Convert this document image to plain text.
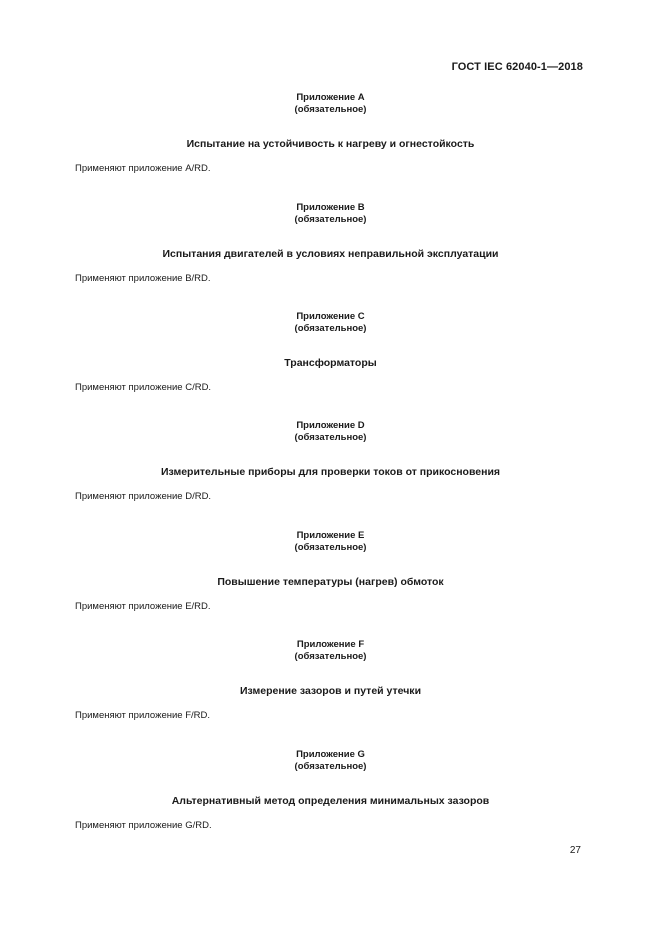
ГОСТ IEC 62040-1—2018
Приложение А
(обязательное)
Испытание на устойчивость к нагреву и огнестойкость
Применяют приложение A/RD.
Приложение В
(обязательное)
Испытания двигателей в условиях неправильной эксплуатации
Применяют приложение B/RD.
Приложение С
(обязательное)
Трансформаторы
Применяют приложение C/RD.
Приложение D
(обязательное)
Измерительные приборы для проверки токов от прикосновения
Применяют приложение D/RD.
Приложение Е
(обязательное)
Повышение температуры (нагрев) обмоток
Применяют приложение E/RD.
Приложение F
(обязательное)
Измерение зазоров и путей утечки
Применяют приложение F/RD.
Приложение G
(обязательное)
Альтернативный метод определения минимальных зазоров
Применяют приложение G/RD.
27
